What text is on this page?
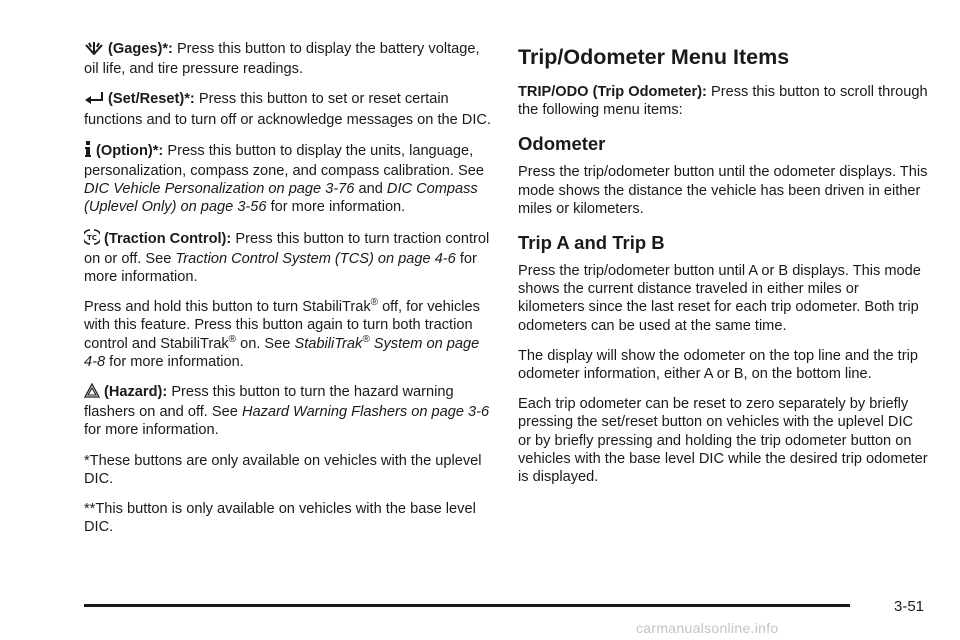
(Gages)*: Press this button to display the battery voltage, oil life, and tire pressure readings.

(Set/Reset)*: Press this button to set or reset certain functions and to turn off or acknowledge messages on the DIC.

(Option)*: Press this button to display the units, language, personalization, compass zone, and compass calibration. See DIC Vehicle Personalization on page 3-76 and DIC Compass (Uplevel Only) on page 3-56 for more information.

TC (Traction Control): Press this button to turn traction control on or off. See Traction Control System (TCS) on page 4-6 for more information.

Press and hold this button to turn StabiliTrak® off, for vehicles with this feature. Press this button again to turn both traction control and StabiliTrak® on. See StabiliTrak® System on page 4-8 for more information.

(Hazard): Press this button to turn the hazard warning flashers on and off. See Hazard Warning Flashers on page 3-6 for more information.

*These buttons are only available on vehicles with the uplevel DIC.

**This button is only available on vehicles with the base level DIC.

Trip/Odometer Menu Items

TRIP/ODO (Trip Odometer): Press this button to scroll through the following menu items:

Odometer

Press the trip/odometer button until the odometer displays. This mode shows the distance the vehicle has been driven in either miles or kilometers.

Trip A and Trip B

Press the trip/odometer button until A or B displays. This mode shows the current distance traveled in either miles or kilometers since the last reset for each trip odometer. Both trip odometers can be used at the same time.

The display will show the odometer on the top line and the trip odometer information, either A or B, on the bottom line.

Each trip odometer can be reset to zero separately by briefly pressing the set/reset button on vehicles with the uplevel DIC or by briefly pressing and holding the trip odometer button on vehicles with the base level DIC while the desired trip odometer is displayed.

3-51
carmanualsonline.info
